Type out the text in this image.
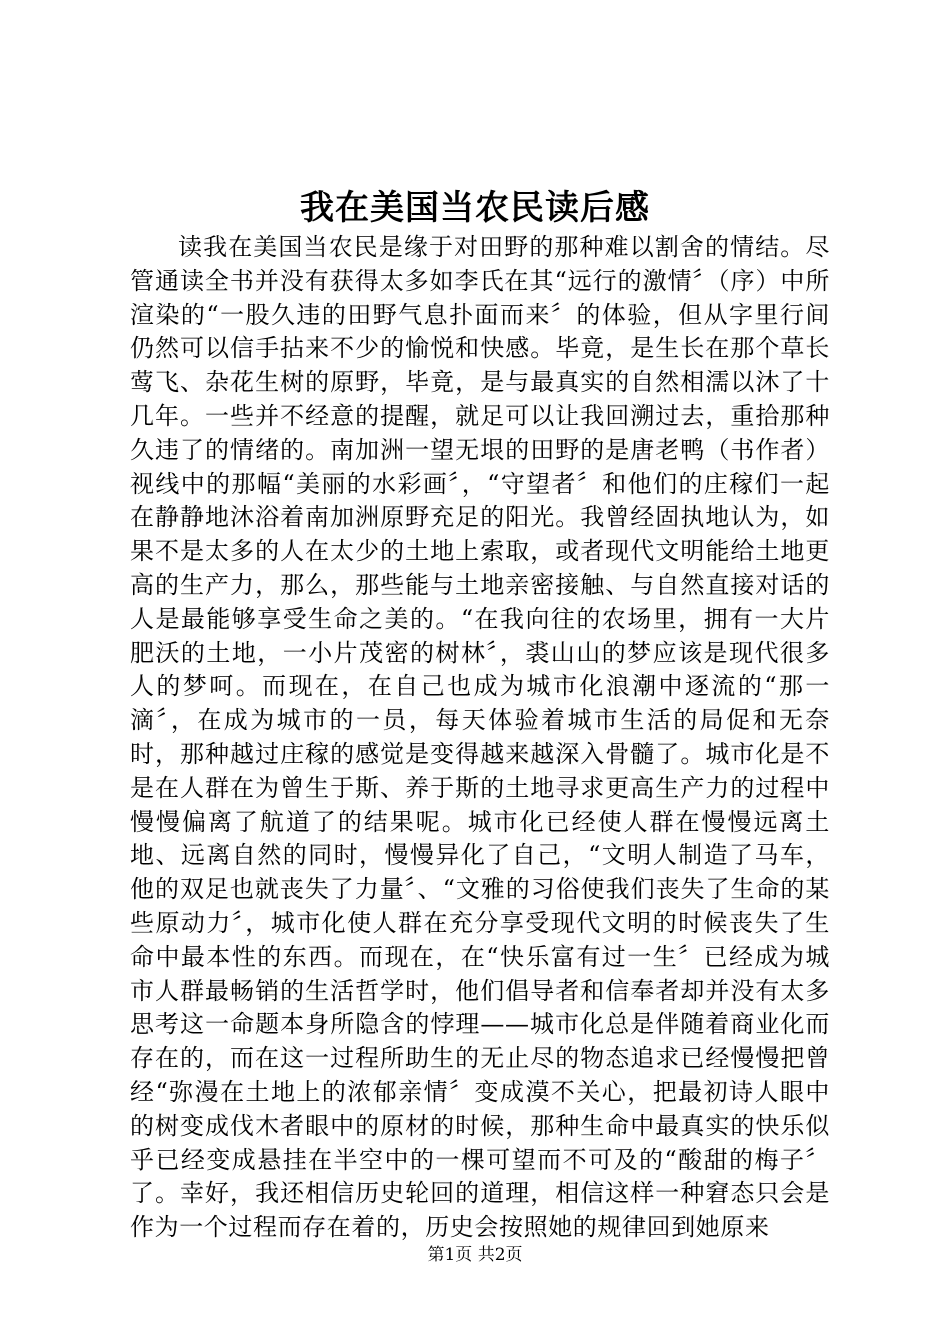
我在美国当农民读后感

读我在美国当农民是缘于对田野的那种难以割舍的情结。尽管通读全书并没有获得太多如李氏在其“远行的激情〞（序）中所渲染的“一股久违的田野气息扑面而来〞的体验，但从字里行间仍然可以信手拈来不少的愉悦和快感。毕竟，是生长在那个草长莺飞、杂花生树的原野，毕竟，是与最真实的自然相濡以沐了十几年。一些并不经意的提醒，就足可以让我回溯过去，重拾那种久违了的情绪的。南加洲一望无垠的田野的是唐老鸭（书作者）视线中的那幅“美丽的水彩画〞，“守望者〞和他们的庄稼们一起在静静地沐浴着南加洲原野充足的阳光。我曾经固执地认为，如果不是太多的人在太少的土地上索取，或者现代文明能给土地更高的生产力，那么，那些能与土地亲密接触、与自然直接对话的人是最能够享受生命之美的。“在我向往的农场里，拥有一大片肥沃的土地，一小片茂密的树林〞，裘山山的梦应该是现代很多人的梦呵。而现在，在自己也成为城市化浪潮中逐流的“那一滴〞，在成为城市的一员，每天体验着城市生活的局促和无奈时，那种越过庄稼的感觉是变得越来越深入骨髓了。城市化是不是在人群在为曾生于斯、养于斯的土地寻求更高生产力的过程中慢慢偏离了航道了的结果呢。城市化已经使人群在慢慢远离土地、远离自然的同时，慢慢异化了自己，“文明人制造了马车，他的双足也就丧失了力量〞、“文雅的习俗使我们丧失了生命的某些原动力〞，城市化使人群在充分享受现代文明的时候丧失了生命中最本性的东西。而现在，在“快乐富有过一生〞已经成为城市人群最畅销的生活哲学时，他们倡导者和信奉者却并没有太多思考这一命题本身所隐含的悖理——城市化总是伴随着商业化而存在的，而在这一过程所助生的无止尽的物态追求已经慢慢把曾经“弥漫在土地上的浓郁亲情〞变成漠不关心，把最初诗人眼中的树变成伐木者眼中的原材的时候，那种生命中最真实的快乐似乎已经变成悬挂在半空中的一棵可望而不可及的“酸甜的梅子〞了。幸好，我还相信历史轮回的道理，相信这样一种窘态只会是作为一个过程而存在着的，历史会按照她的规律回到她原来

第1页 共2页
